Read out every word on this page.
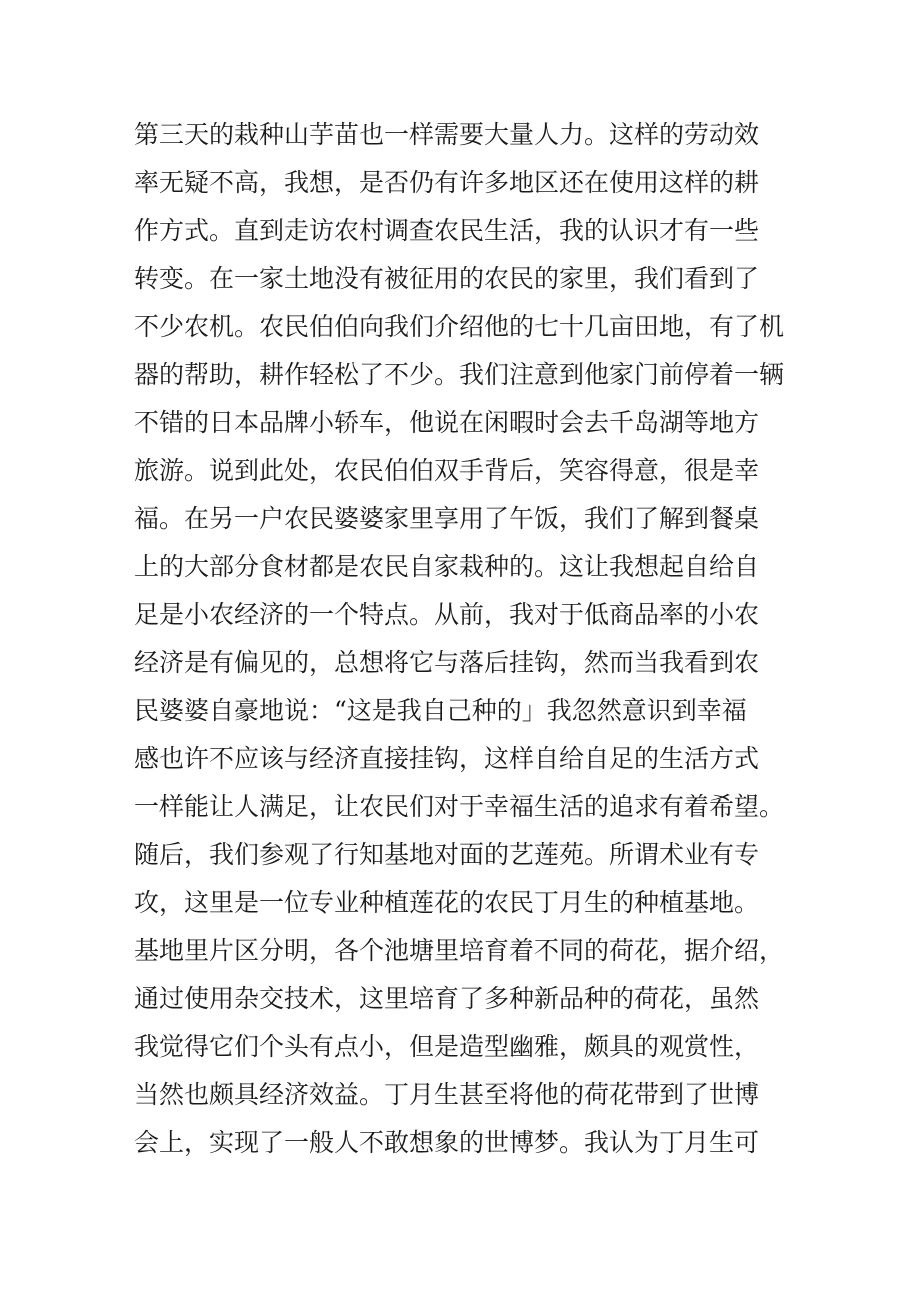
第三天的栽种山芋苗也一样需要大量人力。这样的劳动效
率无疑不高，我想，是否仍有许多地区还在使用这样的耕
作方式。直到走访农村调查农民生活，我的认识才有一些
转变。在一家土地没有被征用的农民的家里，我们看到了
不少农机。农民伯伯向我们介绍他的七十几亩田地，有了机
器的帮助，耕作轻松了不少。我们注意到他家门前停着一辆
不错的日本品牌小轿车，他说在闲暇时会去千岛湖等地方
旅游。说到此处，农民伯伯双手背后，笑容得意，很是幸
福。在另一户农民婆婆家里享用了午饭，我们了解到餐桌
上的大部分食材都是农民自家栽种的。这让我想起自给自
足是小农经济的一个特点。从前，我对于低商品率的小农
经济是有偏见的，总想将它与落后挂钩，然而当我看到农
民婆婆自豪地说：“这是我自己种的」我忽然意识到幸福
感也许不应该与经济直接挂钩，这样自给自足的生活方式
一样能让人满足，让农民们对于幸福生活的追求有着希望。
随后，我们参观了行知基地对面的艺莲苑。所谓术业有专
攻，这里是一位专业种植莲花的农民丁月生的种植基地。
基地里片区分明，各个池塘里培育着不同的荷花，据介绍，
通过使用杂交技术，这里培育了多种新品种的荷花，虽然
我觉得它们个头有点小，但是造型幽雅，颇具的观赏性，
当然也颇具经济效益。丁月生甚至将他的荷花带到了世博
会上，实现了一般人不敢想象的世博梦。我认为丁月生可
